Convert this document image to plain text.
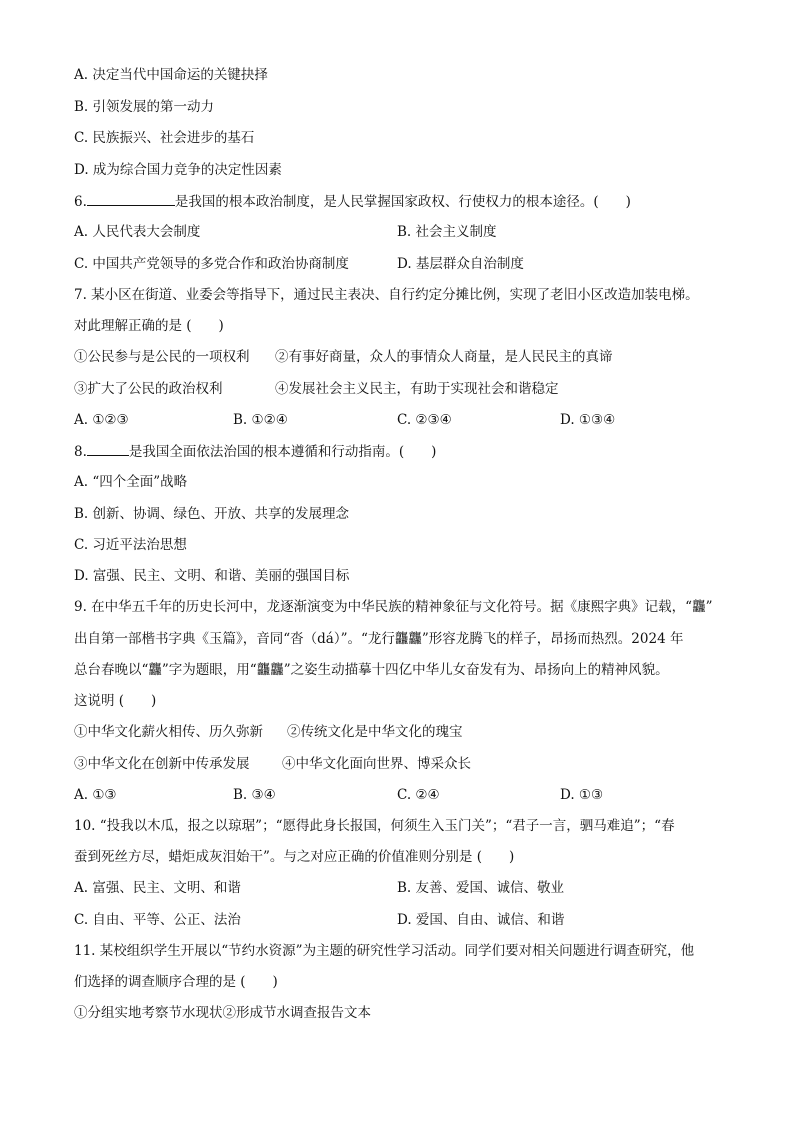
A. 决定当代中国命运的关键抉择
B. 引领发展的第一动力
C. 民族振兴、社会进步的基石
D. 成为综合国力竞争的决定性因素
6.	是我国的根本政治制度，是人民掌握国家政权、行使权力的根本途径。(　　)
A. 人民代表大会制度	B. 社会主义制度
C. 中国共产党领导的多党合作和政治协商制度	D. 基层群众自治制度
7. 某小区在街道、业委会等指导下，通过民主表决、自行约定分摊比例，实现了老旧小区改造加装电梯。
对此理解正确的是 (　　)
①公民参与是公民的一项权利 ②有事好商量，众人的事情众人商量，是人民民主的真谛
③扩大了公民的政治权利	④发展社会主义民主，有助于实现社会和谐稳定
A. ①②③	B. ①②④	C. ②③④	D. ①③④
8.	是我国全面依法治国的根本遵循和行动指南。(　　)
A. “四个全面”战略
B. 创新、协调、绿色、开放、共享的发展理念
C. 习近平法治思想
D. 富强、民主、文明、和谐、美丽的强国目标
9. 在中华五千年的历史长河中，龙逐渐演变为中华民族的精神象征与文化符号。据《康熙字典》记载，“龘”
出自第一部楷书字典《玉篇》，音同“沓（dá）”。“龙行龘龘”形容龙腾飞的样子，昂扬而热烈。2024 年
总台春晚以“龘”字为题眼，用“龘龘”之姿生动描摹十四亿中华儿女奋发有为、昂扬向上的精神风貌。
这说明 (　　)
①中华文化薪火相传、历久弥新 ②传统文化是中华文化的瑰宝
③中华文化在创新中传承发展 ④中华文化面向世界、博采众长
A. ①③	B. ③④	C. ②④	D. ①③
10. “投我以木瓜，报之以琼琚”；“愿得此身长报国，何须生入玉门关”；“君子一言，驷马难追”；“春
蚕到死丝方尽，蜡炬成灰泪始干”。与之对应正确的价值准则分别是 (　　)
A. 富强、民主、文明、和谐	B. 友善、爱国、诚信、敬业
C. 自由、平等、公正、法治	D. 爱国、自由、诚信、和谐
11. 某校组织学生开展以“节约水资源”为主题的研究性学习活动。同学们要对相关问题进行调查研究，他
们选择的调查顺序合理的是 (　　)
①分组实地考察节水现状②形成节水调查报告文本
